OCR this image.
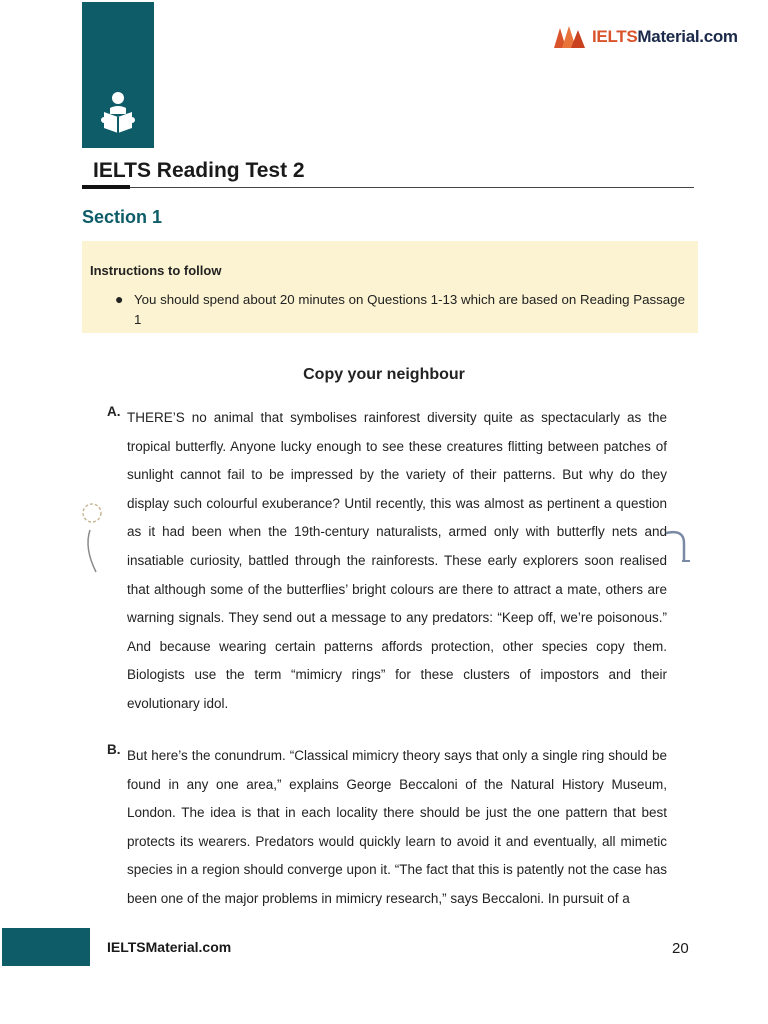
IELTSMaterial.com
IELTS Reading Test 2
Section 1
Instructions to follow
● You should spend about 20 minutes on Questions 1-13 which are based on Reading Passage 1
Copy your neighbour
A. THERE’S no animal that symbolises rainforest diversity quite as spectacularly as the tropical butterfly. Anyone lucky enough to see these creatures flitting between patches of sunlight cannot fail to be impressed by the variety of their patterns. But why do they display such colourful exuberance? Until recently, this was almost as pertinent a question as it had been when the 19th-century naturalists, armed only with butterfly nets and insatiable curiosity, battled through the rainforests. These early explorers soon realised that although some of the butterflies’ bright colours are there to attract a mate, others are warning signals. They send out a message to any predators: “Keep off, we’re poisonous.” And because wearing certain patterns affords protection, other species copy them. Biologists use the term “mimicry rings” for these clusters of impostors and their evolutionary idol.
B. But here’s the conundrum. “Classical mimicry theory says that only a single ring should be found in any one area,” explains George Beccaloni of the Natural History Museum, London. The idea is that in each locality there should be just the one pattern that best protects its wearers. Predators would quickly learn to avoid it and eventually, all mimetic species in a region should converge upon it. “The fact that this is patently not the case has been one of the major problems in mimicry research,” says Beccaloni. In pursuit of a
IELTSMaterial.com	20
